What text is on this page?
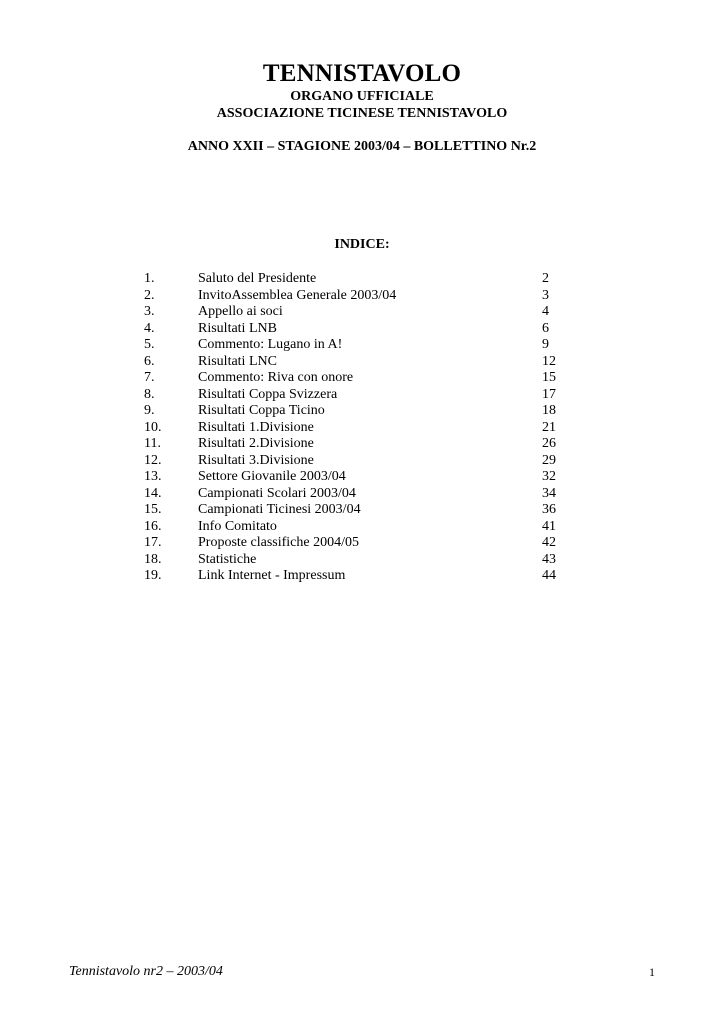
TENNISTAVOLO
ORGANO UFFICIALE
ASSOCIAZIONE TICINESE TENNISTAVOLO
ANNO XXII – STAGIONE 2003/04 – BOLLETTINO Nr.2
INDICE:
1.	Saluto del Presidente	2
2.	InvitoAssemblea Generale 2003/04	3
3.	Appello ai soci	4
4.	Risultati LNB	6
5.	Commento: Lugano in A!	9
6.	Risultati LNC	12
7.	Commento: Riva con onore	15
8.	Risultati Coppa Svizzera	17
9.	Risultati Coppa Ticino	18
10.	Risultati 1.Divisione	21
11.	Risultati 2.Divisione	26
12.	Risultati 3.Divisione	29
13.	Settore Giovanile 2003/04	32
14.	Campionati Scolari 2003/04	34
15.	Campionati Ticinesi 2003/04	36
16.	Info Comitato	41
17.	Proposte classifiche 2004/05	42
18.	Statistiche	43
19.	Link Internet - Impressum	44
Tennistavolo nr2 – 2003/04	1
